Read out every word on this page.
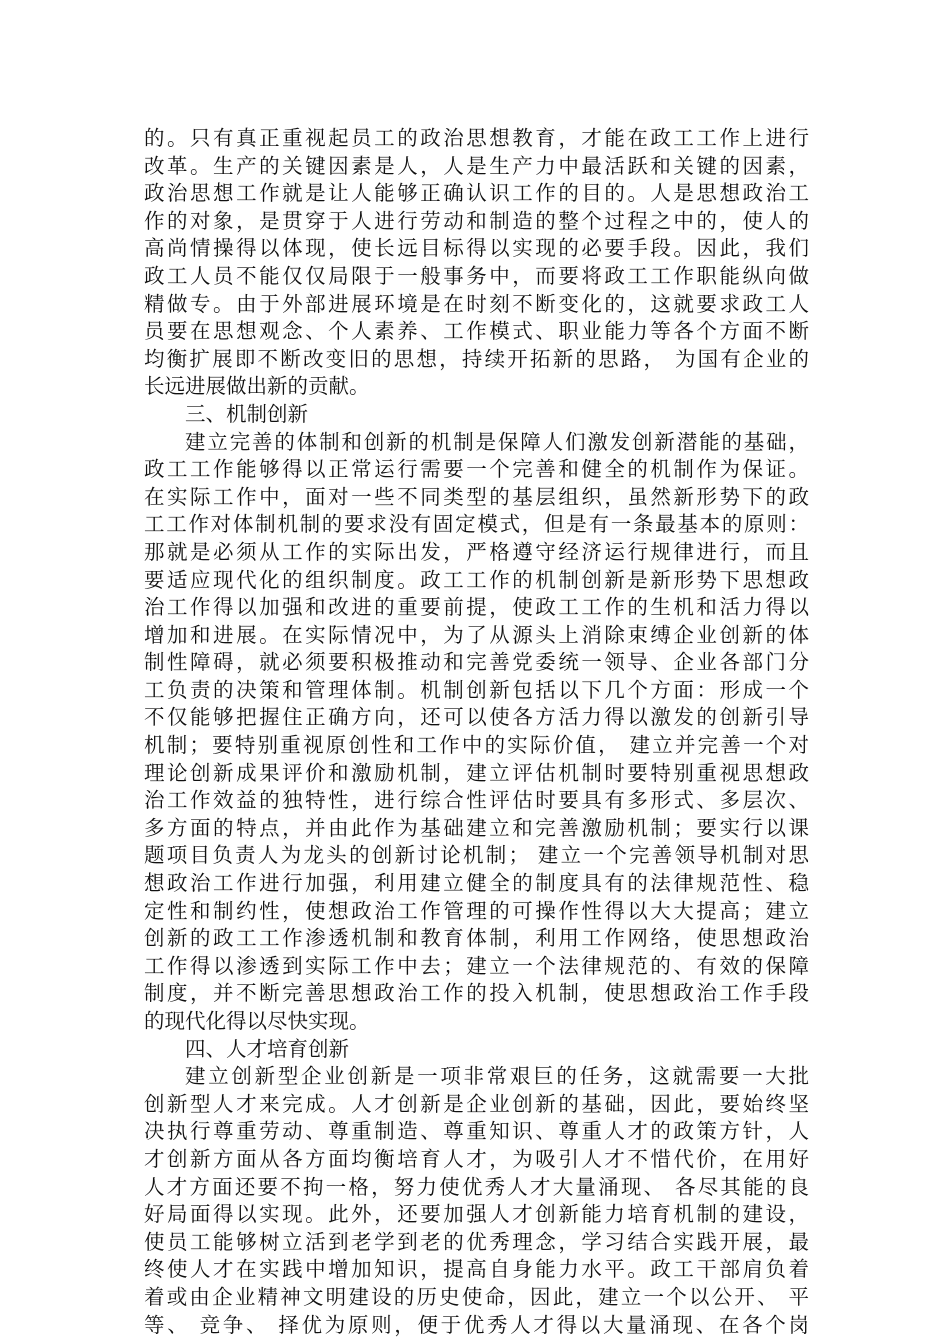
的。只有真正重视起员工的政治思想教育，才能在政工工作上进行
改革。生产的关键因素是人，人是生产力中最活跃和关键的因素，
政治思想工作就是让人能够正确认识工作的目的。人是思想政治工
作的对象，是贯穿于人进行劳动和制造的整个过程之中的，使人的
高尚情操得以体现，使长远目标得以实现的必要手段。因此，我们
政工人员不能仅仅局限于一般事务中，而要将政工工作职能纵向做
精做专。由于外部进展环境是在时刻不断变化的，这就要求政工人
员要在思想观念、个人素养、工作模式、职业能力等各个方面不断
均衡扩展即不断改变旧的思想，持续开拓新的思路， 为国有企业的
长远进展做出新的贡献。
三、机制创新
建立完善的体制和创新的机制是保障人们激发创新潜能的基础，
政工工作能够得以正常运行需要一个完善和健全的机制作为保证。
在实际工作中，面对一些不同类型的基层组织，虽然新形势下的政
工工作对体制机制的要求没有固定模式，但是有一条最基本的原则：
那就是必须从工作的实际出发，严格遵守经济运行规律进行，而且
要适应现代化的组织制度。政工工作的机制创新是新形势下思想政
治工作得以加强和改进的重要前提，使政工工作的生机和活力得以
增加和进展。在实际情况中，为了从源头上消除束缚企业创新的体
制性障碍，就必须要积极推动和完善党委统一领导、企业各部门分
工负责的决策和管理体制。机制创新包括以下几个方面：形成一个
不仅能够把握住正确方向，还可以使各方活力得以激发的创新引导
机制；要特别重视原创性和工作中的实际价值， 建立并完善一个对
理论创新成果评价和激励机制，建立评估机制时要特别重视思想政
治工作效益的独特性，进行综合性评估时要具有多形式、多层次、
多方面的特点，并由此作为基础建立和完善激励机制；要实行以课
题项目负责人为龙头的创新讨论机制； 建立一个完善领导机制对思
想政治工作进行加强，利用建立健全的制度具有的法律规范性、稳
定性和制约性，使想政治工作管理的可操作性得以大大提高；建立
创新的政工工作渗透机制和教育体制，利用工作网络，使思想政治
工作得以渗透到实际工作中去；建立一个法律规范的、有效的保障
制度，并不断完善思想政治工作的投入机制，使思想政治工作手段
的现代化得以尽快实现。
四、人才培育创新
建立创新型企业创新是一项非常艰巨的任务，这就需要一大批
创新型人才来完成。人才创新是企业创新的基础，因此，要始终坚
决执行尊重劳动、尊重制造、尊重知识、尊重人才的政策方针，人
才创新方面从各方面均衡培育人才，为吸引人才不惜代价，在用好
人才方面还要不拘一格，努力使优秀人才大量涌现、 各尽其能的良
好局面得以实现。此外，还要加强人才创新能力培育机制的建设，
使员工能够树立活到老学到老的优秀理念，学习结合实践开展，最
终使人才在实践中增加知识，提高自身能力水平。政工干部肩负着
着或由企业精神文明建设的历史使命，因此，建立一个以公开、 平
等、 竞争、 择优为原则，便于优秀人才得以大量涌现、在各个岗
